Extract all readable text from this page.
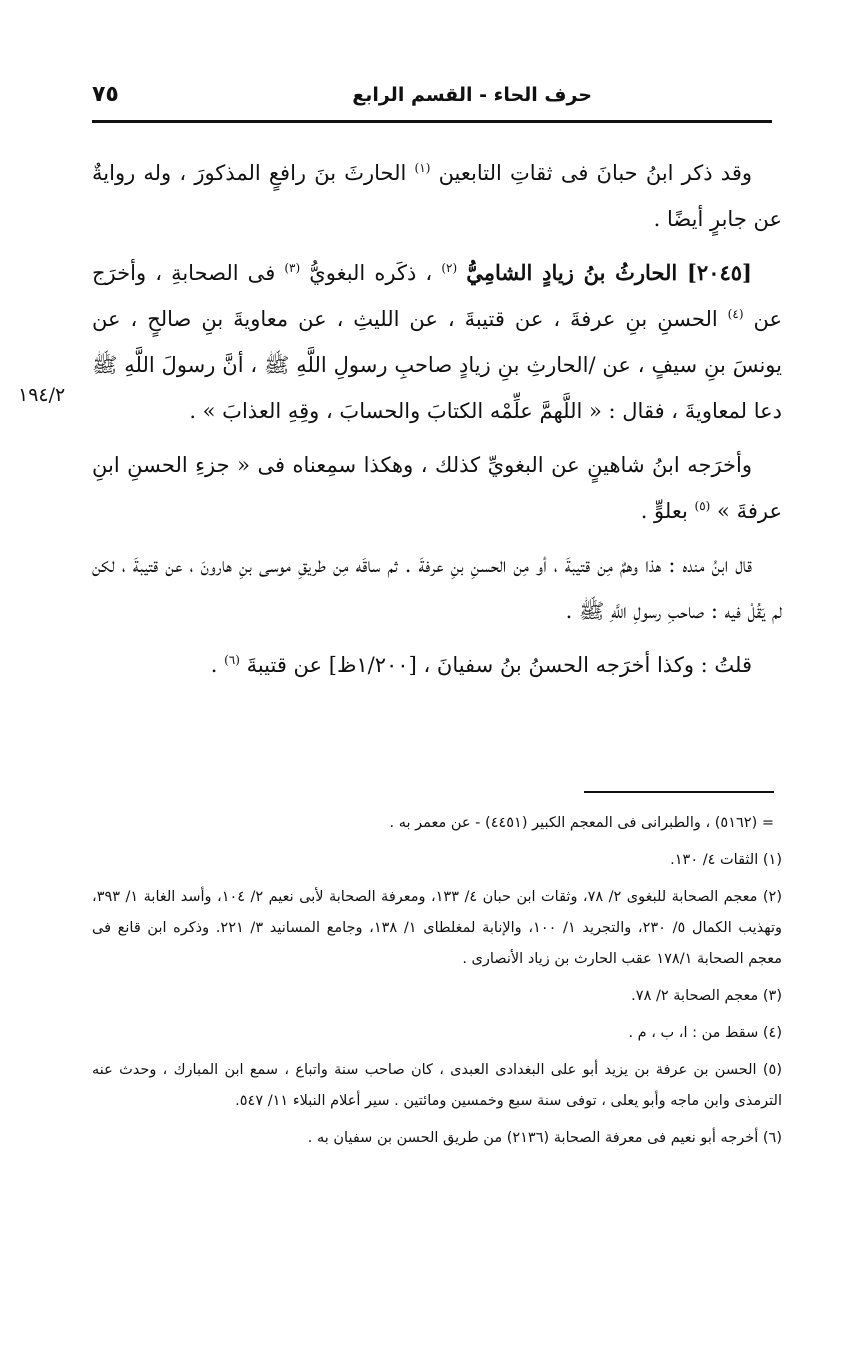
حرف الحاء - القسم الرابع
٧٥
١٩٤/٢

وقد ذكر ابنُ حبانَ فى ثقاتِ التابعين $^{(١)}$ الحارثَ بنَ رافعٍ المذكورَ ، وله روايةٌ عن جابرٍ أيضًا .

[٢٠٤٥] الحارثُ بنُ زيادٍ الشامِيُّ $^{(٢)}$ ، ذكَره البغويُّ $^{(٣)}$ فى الصحابةِ ، وأخرَج عن $^{(٤)}$ الحسنِ بنِ عرفةَ ، عن قتيبةَ ، عن الليثِ ، عن معاويةَ بنِ صالحٍ ، عن يونسَ بنِ سيفٍ ، عن /الحارثِ بنِ زيادٍ صاحبِ رسولِ اللَّهِ ﷺ ، أنَّ رسولَ اللَّهِ ﷺ دعا لمعاويةَ ، فقال : « اللَّهمَّ علِّمْه الكتابَ والحسابَ ، وقِهِ العذابَ » .

وأخرَجه ابنُ شاهينٍ عن البغويِّ كذلك ، وهكذا سمِعناه فى « جزءِ الحسنِ ابنِ عرفةَ » $^{(٥)}$ بعلوٍّ .

قال ابنُ منده : هذا وهمٌ مِن قتيبةَ ، أو مِن الحسنِ بنِ عرفةَ . ثم ساقَه مِن طريقِ موسى بنِ هارونَ ، عن قتيبةَ ، لكن لم يَقُلْ فيه : صاحبِ رسولِ اللَّهِ ﷺ .

قلتُ : وكذا أخرَجه الحسنُ بنُ سفيانَ ، [١/٢٠٠ظ] عن قتيبةَ $^{(٦)}$ .

= (٥١٦٢) ، والطبرانى فى المعجم الكبير (٤٤٥١) - عن معمر به .

(١) الثقات ٤/ ١٣٠.

(٢) معجم الصحابة للبغوى ٢/ ٧٨، وثقات ابن حبان ٤/ ١٣٣، ومعرفة الصحابة لأبى نعيم ٢/ ١٠٤، وأسد الغابة ١/ ٣٩٣، وتهذيب الكمال ٥/ ٢٣٠، والتجريد ١/ ١٠٠، والإنابة لمغلطاى ١/ ١٣٨، وجامع المسانيد ٣/ ٢٢١. وذكره ابن قانع فى معجم الصحابة ١٧٨/١ عقب الحارث بن زياد الأنصارى .

(٣) معجم الصحابة ٢/ ٧٨.

(٤) سقط من : ا، ب ، م .

(٥) الحسن بن عرفة بن يزيد أبو على البغدادى العبدى ، كان صاحب سنة واتباع ، سمع ابن المبارك ، وحدث عنه الترمذى وابن ماجه وأبو يعلى ، توفى سنة سبع وخمسين ومائتين . سير أعلام النبلاء ١١/ ٥٤٧.

(٦) أخرجه أبو نعيم فى معرفة الصحابة (٢١٣٦) من طريق الحسن بن سفيان به .
